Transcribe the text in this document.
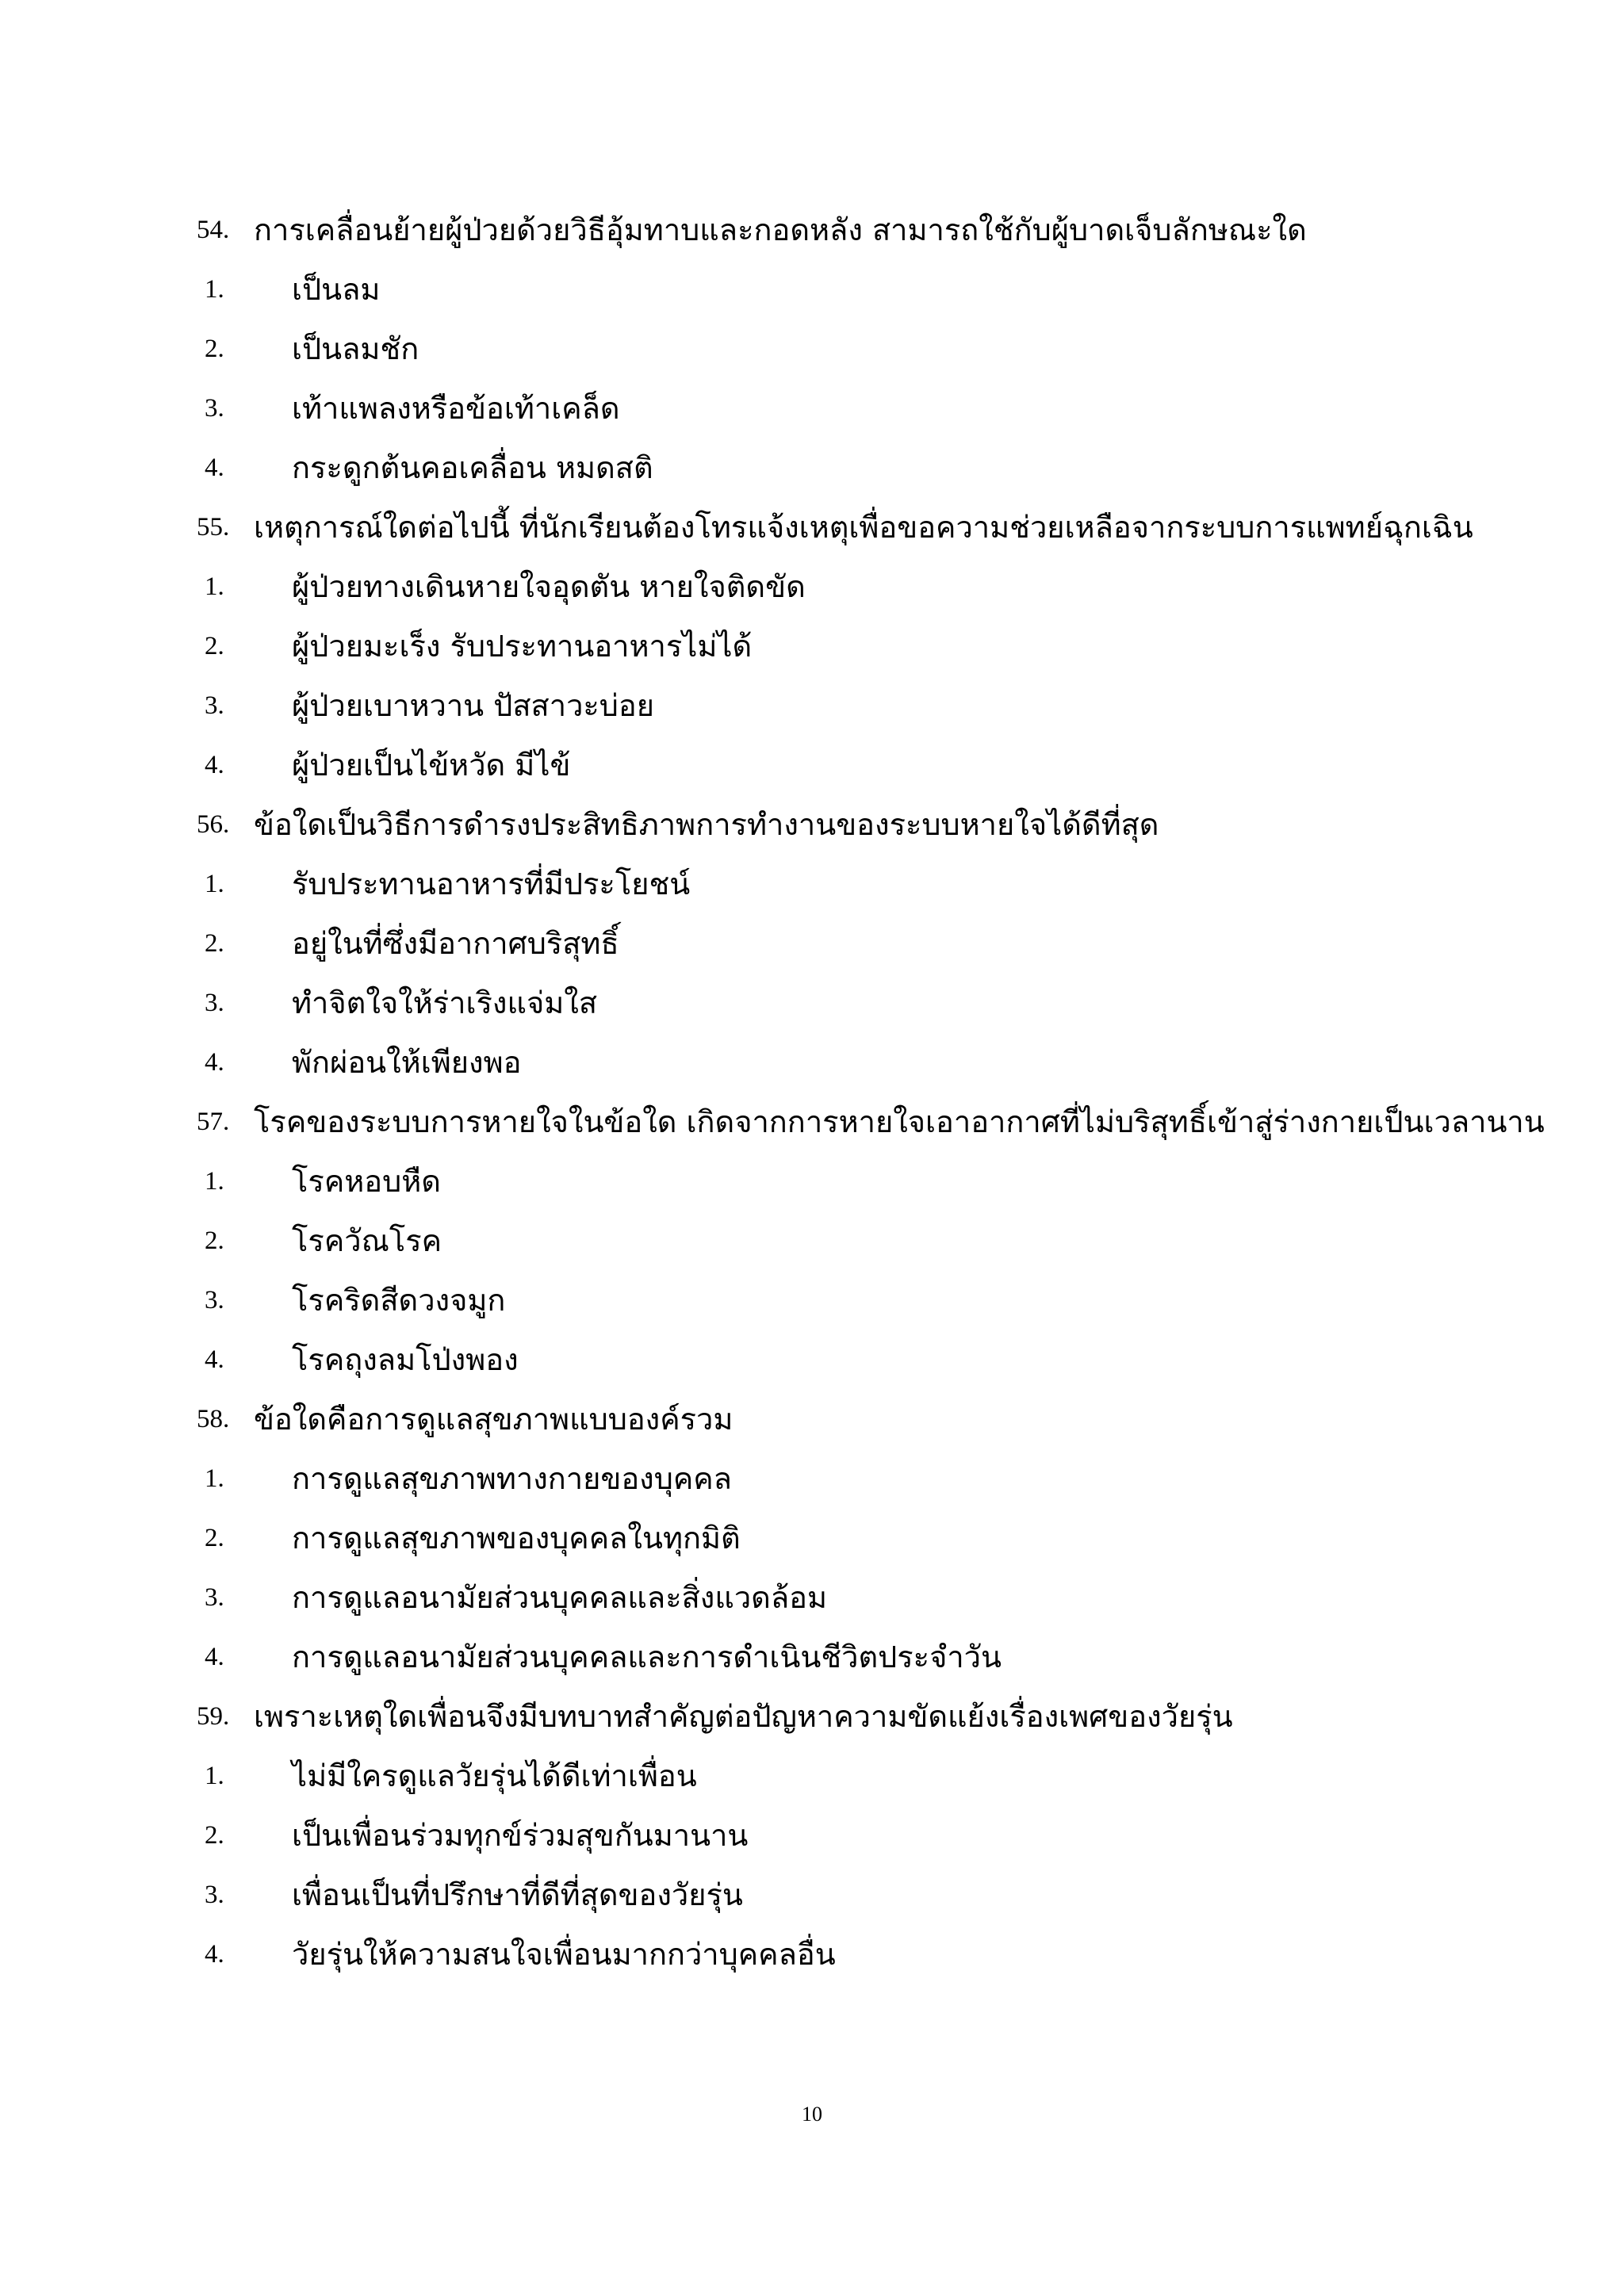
54. การเคลื่อนย้ายผู้ป่วยด้วยวิธีอุ้มทาบและกอดหลัง สามารถใช้กับผู้บาดเจ็บลักษณะใด
1.	เป็นลม
2.	เป็นลมชัก
3.	เท้าแพลงหรือข้อเท้าเคล็ด
4.	กระดูกต้นคอเคลื่อน หมดสติ
55. เหตุการณ์ใดต่อไปนี้ ที่นักเรียนต้องโทรแจ้งเหตุเพื่อขอความช่วยเหลือจากระบบการแพทย์ฉุกเฉิน
1.	ผู้ป่วยทางเดินหายใจอุดตัน หายใจติดขัด
2.	ผู้ป่วยมะเร็ง รับประทานอาหารไม่ได้
3.	ผู้ป่วยเบาหวาน ปัสสาวะบ่อย
4.	ผู้ป่วยเป็นไข้หวัด มีไข้
56. ข้อใดเป็นวิธีการดำรงประสิทธิภาพการทำงานของระบบหายใจได้ดีที่สุด
1.	รับประทานอาหารที่มีประโยชน์
2.	อยู่ในที่ซึ่งมีอากาศบริสุทธิ์
3.	ทำจิตใจให้ร่าเริงแจ่มใส
4.	พักผ่อนให้เพียงพอ
57. โรคของระบบการหายใจในข้อใด เกิดจากการหายใจเอาอากาศที่ไม่บริสุทธิ์เข้าสู่ร่างกายเป็นเวลานาน
1.	โรคหอบหืด
2.	โรควัณโรค
3.	โรคริดสีดวงจมูก
4.	โรคถุงลมโป่งพอง
58. ข้อใดคือการดูแลสุขภาพแบบองค์รวม
1.	การดูแลสุขภาพทางกายของบุคคล
2.	การดูแลสุขภาพของบุคคลในทุกมิติ
3.	การดูแลอนามัยส่วนบุคคลและสิ่งแวดล้อม
4.	การดูแลอนามัยส่วนบุคคลและการดำเนินชีวิตประจำวัน
59. เพราะเหตุใดเพื่อนจึงมีบทบาทสำคัญต่อปัญหาความขัดแย้งเรื่องเพศของวัยรุ่น
1.	ไม่มีใครดูแลวัยรุ่นได้ดีเท่าเพื่อน
2.	เป็นเพื่อนร่วมทุกข์ร่วมสุขกันมานาน
3.	เพื่อนเป็นที่ปรึกษาที่ดีที่สุดของวัยรุ่น
4.	วัยรุ่นให้ความสนใจเพื่อนมากกว่าบุคคลอื่น
10
